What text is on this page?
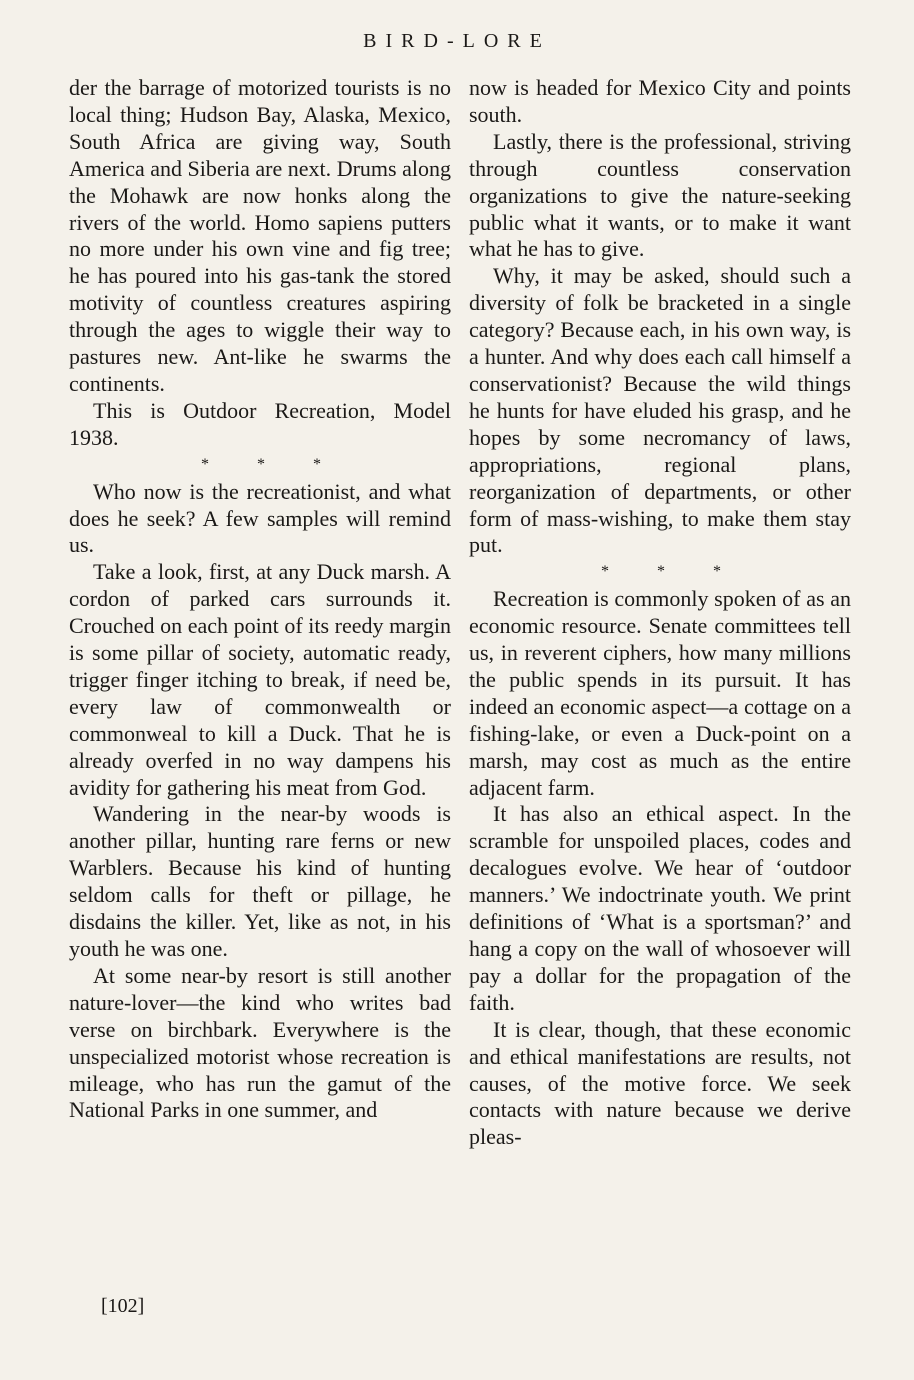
BIRD-LORE

der the barrage of motorized tourists is no local thing; Hudson Bay, Alaska, Mexico, South Africa are giving way, South America and Siberia are next. Drums along the Mohawk are now honks along the rivers of the world. Homo sapiens putters no more under his own vine and fig tree; he has poured into his gas-tank the stored motivity of countless creatures aspiring through the ages to wiggle their way to pastures new. Ant-like he swarms the continents.

This is Outdoor Recreation, Model 1938.

* * *

Who now is the recreationist, and what does he seek? A few samples will remind us.

Take a look, first, at any Duck marsh. A cordon of parked cars surrounds it. Crouched on each point of its reedy margin is some pillar of society, automatic ready, trigger finger itching to break, if need be, every law of commonwealth or commonweal to kill a Duck. That he is already overfed in no way dampens his avidity for gathering his meat from God.

Wandering in the near-by woods is another pillar, hunting rare ferns or new Warblers. Because his kind of hunting seldom calls for theft or pillage, he disdains the killer. Yet, like as not, in his youth he was one.

At some near-by resort is still another nature-lover—the kind who writes bad verse on birchbark. Everywhere is the unspecialized motorist whose recreation is mileage, who has run the gamut of the National Parks in one summer, and

now is headed for Mexico City and points south.

Lastly, there is the professional, striving through countless conservation organizations to give the nature-seeking public what it wants, or to make it want what he has to give.

Why, it may be asked, should such a diversity of folk be bracketed in a single category? Because each, in his own way, is a hunter. And why does each call himself a conservationist? Because the wild things he hunts for have eluded his grasp, and he hopes by some necromancy of laws, appropriations, regional plans, reorganization of departments, or other form of mass-wishing, to make them stay put.

* * *

Recreation is commonly spoken of as an economic resource. Senate committees tell us, in reverent ciphers, how many millions the public spends in its pursuit. It has indeed an economic aspect—a cottage on a fishing-lake, or even a Duck-point on a marsh, may cost as much as the entire adjacent farm.

It has also an ethical aspect. In the scramble for unspoiled places, codes and decalogues evolve. We hear of ‘outdoor manners.’ We indoctrinate youth. We print definitions of ‘What is a sportsman?’ and hang a copy on the wall of whosoever will pay a dollar for the propagation of the faith.

It is clear, though, that these economic and ethical manifestations are results, not causes, of the motive force. We seek contacts with nature because we derive pleas-

[102]
